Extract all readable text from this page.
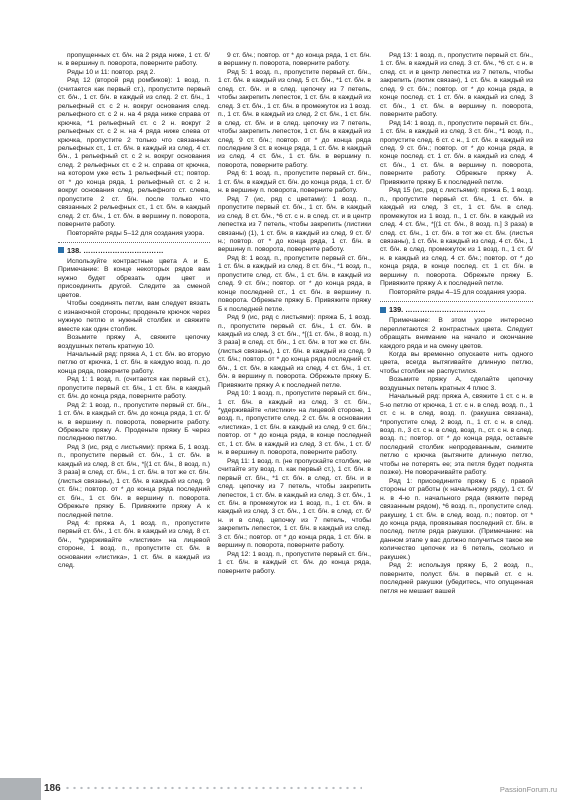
пропущенных ст. б/н. на 2 ряда ниже, 1 ст. б/н. в вершину п. поворота, поверните работу.

Ряды 10 и 11: повтор. ряд 2.

Ряд 12 (второй ряд ромбиков): 1 возд. п. (считается как первый ст.), пропустите первый ст. б/н., 1 ст. б/н. в каждый из след. 2 ст. б/н., 1 рельефный ст. с 2 н. вокруг основания след. рельефного ст. с 2 н. на 4 ряда ниже справа от крючка, *1 рельефный ст. с 2 н. вокруг 2 рельефных ст. с 2 н. на 4 ряда ниже слева от крючка, пропустите 2 только что связанных рельефных ст., 1 ст. б/н. в каждый из след. 4 ст. б/н., 1 рельефный ст. с 2 н. вокруг основания след. 2 рельефных ст. с 2 н. справа от крючка, на котором уже есть 1 рельефный ст.; повтор. от * до конца ряда, 1 рельефный ст. с 2 н. вокруг основания след. рельефного ст. слева, пропустите 2 ст. б/н. после только что связанных 2 рельефных ст., 1 ст. б/н. в каждый след. 2 ст. б/н., 1 ст. б/н. в вершину п. поворота, поверните работу.

Повторяйте ряды 5–12 для создания узора.

138. ……………………………

Используйте контрастные цвета А и Б. Примечание: В конце некоторых рядов вам нужно будет обрезать один цвет и присоединить другой. Следите за сменой цветов.

Чтобы соединять петли, вам следует вязать с изнаночной стороны; проденьте крючок через нужную петлю и нужный столбик и свяжите вместе как один столбик.

Возьмите пряжу А, свяжите цепочку воздушных петель кратную 10.

Начальный ряд: пряжа А, 1 ст. б/н. во вторую петлю от крючка, 1 ст. б/н. в каждую возд. п. до конца ряда, поверните работу.

Ряд 1: 1 возд. п. (считается как первый ст.), пропустите первый ст. б/н., 1 ст. б/н. в каждый ст. б/н. до конца ряда, поверните работу.

Ряд 2: 1 возд. п., пропустите первый ст. б/н., 1 ст. б/н. в каждый ст. б/н. до конца ряда, 1 ст. б/н. в вершину п. поворота, поверните работу. Обрежьте пряжу А. Проденьте пряжу Б через последнюю петлю.

Ряд 3 (ис, ряд с листьями): пряжа Б, 1 возд. п., пропустите первый ст. б/н., 1 ст. б/н. в каждый из след. 8 ст. б/н., *[(1 ст. б/н., 8 возд. п.) 3 раза] в след. ст. б/н., 1 ст. б/н. в тот же ст. б/н. (листья связаны), 1 ст. б/н. в каждый из след. 9 ст. б/н.; повтор. от * до конца ряда последний ст. б/н., 1 ст. б/н. в вершину п. поворота. Обрежьте пряжу Б. Привяжите пряжу А к последней петле.

Ряд 4: пряжа А, 1 возд. п., пропустите первый ст. б/н., 1 ст. б/н. в каждый из след. 8 ст. б/н., *удерживайте «листики» на лицевой стороне, 1 возд. п., пропустите ст. б/н. в основании «листика», 1 ст. б/н. в каждый из след.

9 ст. б/н.; повтор. от * до конца ряда, 1 ст. б/н. в вершину п. поворота, поверните работу.

Ряд 5: 1 возд. п., пропустите первый ст. б/н., 1 ст. б/н. в каждый из след. 5 ст. б/н., *1 ст. б/н. в след. ст. б/н. и в след. цепочку из 7 петель, чтобы закрепить лепесток, 1 ст. б/н. в каждый из след. 3 ст. б/н., 1 ст. б/н. в промежуток из 1 возд. п., 1 ст. б/н. в каждый из след. 2 ст. б/н., 1 ст. б/н. в след. ст. б/н. и в след. цепочку из 7 петель, чтобы закрепить лепесток, 1 ст. б/н. в каждый из след. 9 ст. б/н.; повтор. от * до конца ряда последние 3 ст. в конце ряда, 1 ст. б/н. в каждый из след. 4 ст. б/н., 1 ст. б/н. в вершину п. поворота, поверните работу.

Ряд 6: 1 возд. п., пропустите первый ст. б/н., 1 ст. б/н. в каждый ст. б/н. до конца ряда, 1 ст. б/н. в вершину п. поворота, поверните работу.

Ряд 7 (ис, ряд с цветами): 1 возд. п., пропустите первый ст. б/н., 1 ст. б/н. в каждый из след. 8 ст. б/н., *6 ст. с н. в след. ст. и в центр лепестка из 7 петель, чтобы закрепить (листики связаны) (1), 1 ст. б/н. в каждый из след. 9 ст. б/н.; повтор. от * до конца ряда, 1 ст. б/н. в вершину п. поворота, поверните работу.

Ряд 8: 1 возд. п., пропустите первый ст. б/н., 1 ст. б/н. в каждый из след. 8 ст. б/н., *1 возд. п., пропустите след. ст. б/н., 1 ст. б/н. в каждый из след. 9 ст. б/н.; повтор. от * до конца ряда, в конце последней ст., 1 ст. б/н. в вершину п. поворота. Обрежьте пряжу Б. Привяжите пряжу Б к последней петле.

Ряд 9 (ис, ряд с листьями): пряжа Б, 1 возд. п., пропустите первый ст. б/н., 1 ст. б/н. в каждый из след. 3 ст. б/н., *[(1 ст. б/н., 8 возд. п.) 3 раза] в след. ст. б/н., 1 ст. б/н. в тот же ст. б/н. (листья связаны), 1 ст. б/н. в каждый из след. 9 ст. б/н.; повтор. от * до конца ряда последний ст. б/н., 1 ст. б/н. в каждый из след. 4 ст. б/н., 1 ст. б/н. в вершину п. поворота. Обрежьте пряжу Б. Привяжите пряжу А к последней петле.

Ряд 10: 1 возд. п., пропустите первый ст. б/н., 1 ст. б/н. в каждый из след. 3 ст. б/н., *удерживайте «листики» на лицевой стороне, 1 возд. п., пропустите след. 2 ст. б/н. в основании «листика», 1 ст. б/н. в каждый из след. 9 ст. б/н.; повтор. от * до конца ряда, в конце последней ст., 1 ст. б/н. в каждый из след. 3 ст. б/н., 1 ст. б/н. в вершину п. поворота, поверните работу.

Ряд 11: 1 возд. п. (не пропускайте столбик, не считайте эту возд. п. как первый ст.), 1 ст. б/н. в первый ст. б/н., *1 ст. б/н. в след. ст. б/н. и в след. цепочку из 7 петель, чтобы закрепить лепесток, 1 ст. б/н. в каждый из след. 3 ст. б/н., 1 ст. б/н. в промежуток из 1 возд. п., 1 ст. б/н. в каждый из след. 3 ст. б/н., 1 ст. б/н. в след. ст. б/н. и в след. цепочку из 7 петель, чтобы закрепить лепесток, 1 ст. б/н. в каждый из след. 3 ст. б/н.; повтор. от * до конца ряда, 1 ст. б/н. в вершину п. поворота, поверните работу.

Ряд 12: 1 возд. п., пропустите первый ст. б/н., 1 ст. б/н. в каждый ст. б/н. до конца ряда, поверните работу.

Ряд 13: 1 возд. п., пропустите первый ст. б/н., 1 ст. б/н. в каждый из след. 3 ст. б/н., *6 ст. с н. в след. ст. и в центр лепестка из 7 петель, чтобы закрепить (лютик связан), 1 ст. б/н. в каждый из след. 9 ст. б/н.; повтор. от * до конца ряда, в конце послед. ст. 1 ст. б/н. в каждый из след. 3 ст. б/н., 1 ст. б/н. в вершину п. поворота, поверните работу.

Ряд 14: 1 возд. п., пропустите первый ст. б/н., 1 ст. б/н. в каждый из след. 3 ст. б/н., *1 возд. п., пропустите след. 6 ст. с н., 1 ст. б/н. в каждый из след. 9 ст. б/н.; повтор. от * до конца ряда, в конце послед. ст. 1 ст. б/н. в каждый из след. 4 ст. б/н., 1 ст. б/н. в вершину п. поворота, поверните работу. Обрежьте пряжу А. Привяжите пряжу Б к последней петле.

Ряд 15 (ис, ряд с листьями): пряжа Б, 1 возд. п., пропустите первый ст. б/н., 1 ст. б/н. в каждый из след. 3 ст., 1 ст. б/н. в след. промежуток из 1 возд. п., 1 ст. б/н. в каждый из след. 4 ст. б/н., *[(1 ст. б/н., 8 возд. п.] 3 раза) в след. ст. б/н., 1 ст. б/н. в тот же ст. б/н. (листья связаны), 1 ст. б/н. в каждый из след. 4 ст. б/н., 1 ст. б/н. в след. промежуток из 1 возд. п., 1 ст. б/н. в каждый из след. 4 ст. б/н.; повтор. от * до конца ряда, в конце послед. ст. 1 ст. б/н. в вершину п. поворота. Обрежьте пряжу Б. Привяжите пряжу А к последней петле.

Повторяйте ряды 4–15 для создания узора.

139. ……………………………

Примечание: В этом узоре интересно переплетаются 2 контрастных цвета. Следует обращать внимание на начало и окончание каждого ряда и на смену цветов.

Когда вы временно опускаете нить одного цвета, всегда вытягивайте длинную петлю, чтобы столбик не распустился.

Возьмите пряжу А, сделайте цепочку воздушных петель кратных 4 плюс 3.

Начальный ряд: пряжа А, свяжите 1 ст. с н. в 5-ю петлю от крючка, 1 ст. с н. в след. возд. п., 1 ст. с н. в след. возд. п. (ракушка связана), *пропустите след. 2 возд. п., 1 ст. с н. в след. возд. п., 3 ст. с н. в след. возд. п., ст. с н. в след. возд. п.; повтор. от * до конца ряда, оставьте последний столбик непродеванным, снимите петлю с крючка (вытяните длинную петлю, чтобы не потерять ее; эта петля будет поднята позже). Не поворачивайте работу.

Ряд 1: присоедините пряжу Б с правой стороны от работы (к начальному ряду), 1 ст. б/н. в 4-ю п. начального ряда (вяжите перед связанным рядом), *6 возд. п., пропустите след. ракушку, 1 ст. б/н. в след. возд. п.; повтор. от * до конца ряда, провязывая последний ст. б/н. в послед. петле ряда ракушки. (Примечание: на данном этапе у вас должно получиться такое же количество цепочек из 6 петель, сколько и ракушек.)

Ряд 2: используя пряжу Б, 2 возд. п., поверните, полуст. б/н. в первый ст. с н. последней ракушки (убедитесь, что опущенная петля не мешает вашей

186	PassionForum.ru
